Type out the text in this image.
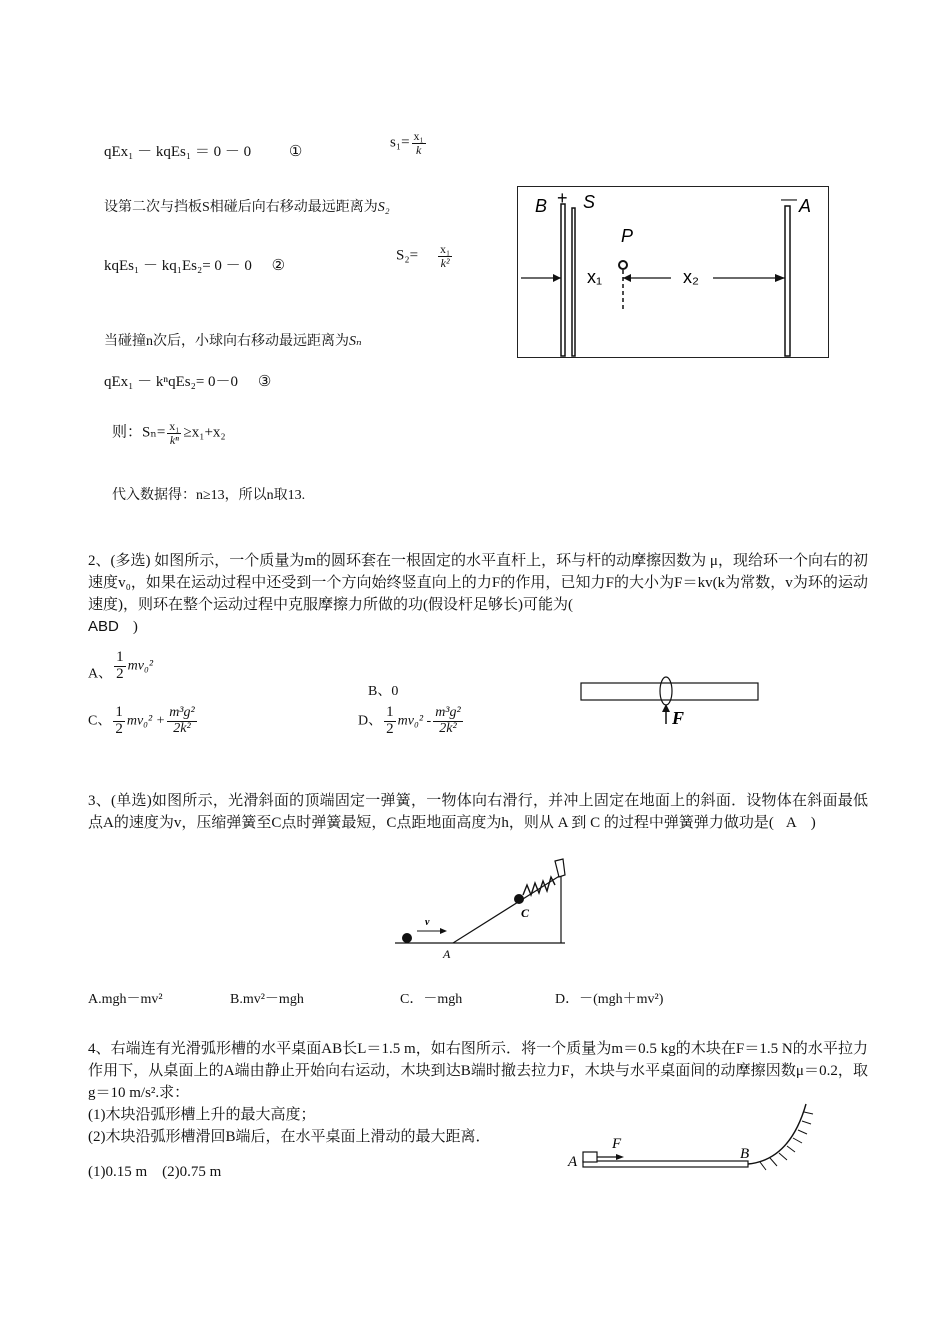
qEx₁ － kqEs₁ ＝ 0 － 0	①
$s_1= \frac{\text{x₁}}{k}$
设第二次与挡板S相碰后向右移动最远距离为S₂
kqEs₁ － kq₁Es₂= 0 － 0 ②
$S_2= \frac{\text{x₁}}{\text{k²}}$
当碰撞n次后，小球向右移动最远距离为Sₙ
qEx₁ － kⁿqEs₂= 0－0 ③
则：$S_n= \frac{\text{x₁}}{\text{kⁿ}} \ge x_1+x_2$
代入数据得：n≥13，所以n取13.
B + S
P
— A
x₁	x₂
2、(多选) 如图所示，一个质量为m的圆环套在一根固定的水平直杆上，环与杆的动摩擦因数为 μ，现给环一个向右的初速度v₀，如果在运动过程中还受到一个方向始终竖直向上的力F的作用，已知力F的大小为F＝kv(k为常数，v为环的运动速度)，则环在整个运动过程中克服摩擦力所做的功(假设杆足够长)可能为(
ABD )
A、 $\frac{1}{2} mv_0^2$
B、0
C、 $\frac{1}{2} mv_0^2 + \frac{\text{m³g²}}{\text{2k²}}$	D、 $\frac{1}{2} mv_0^2 - \frac{\text{m³g²}}{\text{2k²}}$	F
3、(单选)如图所示，光滑斜面的顶端固定一弹簧，一物体向右滑行，并冲上固定在地面上的斜面．设物体在斜面最低点A的速度为v，压缩弹簧至C点时弹簧最短，C点距地面高度为h，则从 A 到 C 的过程中弹簧弹力做功是( A )
C
v
A
A.mgh－mv²	B.mv²－mgh	C．－mgh	D．－(mgh＋mv²)
4、右端连有光滑弧形槽的水平桌面AB长L＝1.5 m，如右图所示．将一个质量为m＝0.5 kg的木块在F＝1.5 N的水平拉力作用下，从桌面上的A端由静止开始向右运动，木块到达B端时撤去拉力F，木块与水平桌面间的动摩擦因数μ＝0.2，取g＝10 m/s².求：
(1)木块沿弧形槽上升的最大高度；
(2)木块沿弧形槽滑回B端后，在水平桌面上滑动的最大距离．
(1)0.15 m　(2)0.75 m
F
A	B
